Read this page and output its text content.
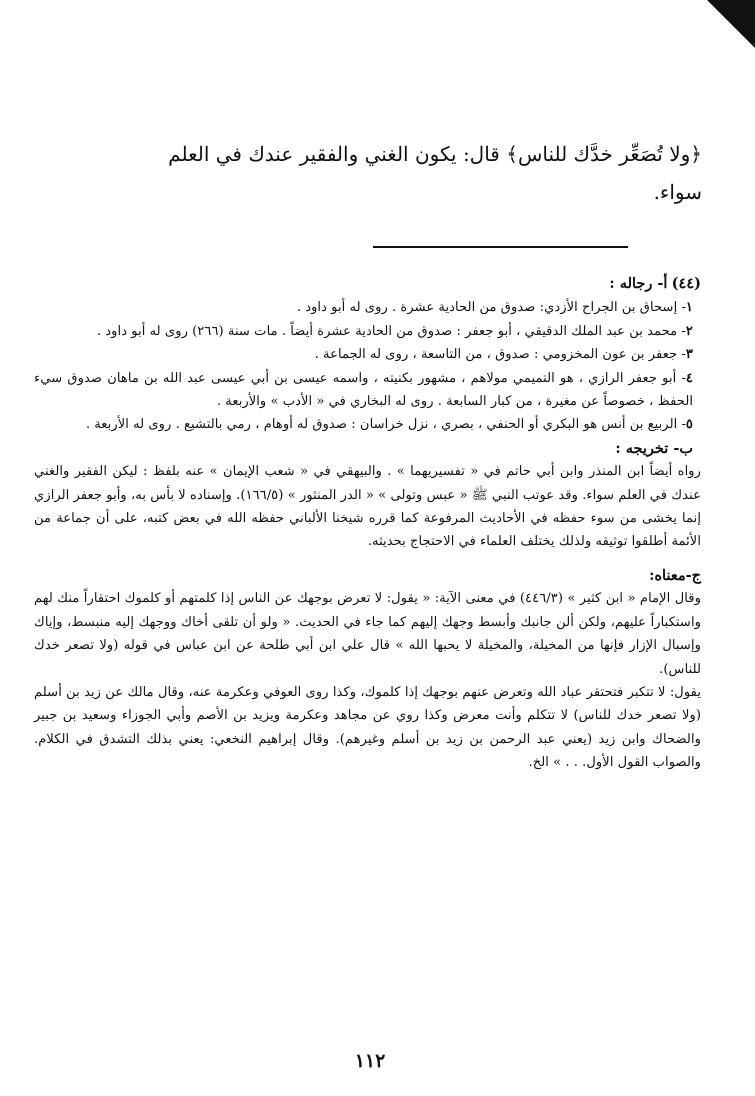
﴿ولا تُصَعِّر خدَّك للناس﴾ قال: يكون الغني والفقير عندك في العلم
سواء.

(٤٤) أ- رجاله :

١- إسحاق بن الجراح الأزدي: صدوق من الحادية عشرة . روى له أبو داود .

٢- محمد بن عبد الملك الدقيقي ، أبو جعفر : صدوق من الحادية عشرة أيضاً . مات سنة (٢٦٦) روى له أبو داود .

٣- جعفر بن عون المخزومي : صدوق ، من التاسعة ، روى له الجماعة .

٤- أبو جعفر الرازي ، هو التميمي مولاهم ، مشهور بكنيته ، واسمه عيسى بن أبي عيسى عبد الله بن ماهان صدوق سيء الحفظ ، خصوصاً عن مغيرة ، من كبار السابعة . روى له البخاري في « الأدب » والأربعة .

٥- الربيع بن أنس هو البكري أو الحنفي ، بصري ، نزل خراسان : صدوق له أوهام ، رمي بالتشيع . روى له الأربعة .

ب- تخريجه :

رواه أيضاً ابن المنذر وابن أبي حاتم في « تفسيريهما » . والبيهقي في « شعب الإيمان » عنه بلفظ : ليكن الفقير والغني عندك في العلم سواء. وقد عوتب النبي ﷺ « عبس وتولى » « الدر المنثور » (١٦٦/٥). وإسناده لا بأس به، وأبو جعفر الرازي إنما يخشى من سوء حفظه في الأحاديث المرفوعة كما قرره شيخنا الألباني حفظه الله في بعض كتبه، على أن جماعة من الأئمة أطلقوا توثيقه ولذلك يختلف العلماء في الاحتجاج بحديثه.

ج-معناه:

وقال الإمام « ابن كثير » (٤٤٦/٣) في معنى الآية: « يقول: لا تعرض بوجهك عن الناس إذا كلمتهم أو كلموك احتقاراً منك لهم واستكباراً عليهم، ولكن ألن جانبك وأبسط وجهك إليهم كما جاء في الحديث. « ولو أن تلقى أخاك ووجهك إليه منبسط، وإياك وإسبال الإزار فإنها من المخيلة، والمخيلة لا يحبها الله » قال علي ابن أبي طلحة عن ابن عباس في قوله (ولا تصعر خدك للناس).

يقول: لا تتكبر فتحتقر عباد الله وتعرض عنهم بوجهك إذا كلموك، وكذا روى العوفي وعكرمة عنه، وقال مالك عن زيد بن أسلم (ولا تصعر خدك للناس) لا تتكلم وأنت معرض وكذا روي عن مجاهد وعكرمة ويزيد بن الأصم وأبي الجوزاء وسعيد بن جبير والضحاك وابن زيد (يعني عبد الرحمن بن زيد بن أسلم وغيرهم). وقال إبراهيم النخعي: يعني بذلك التشدق في الكلام. والصواب القول الأول. . . » الخ.

١١٢
